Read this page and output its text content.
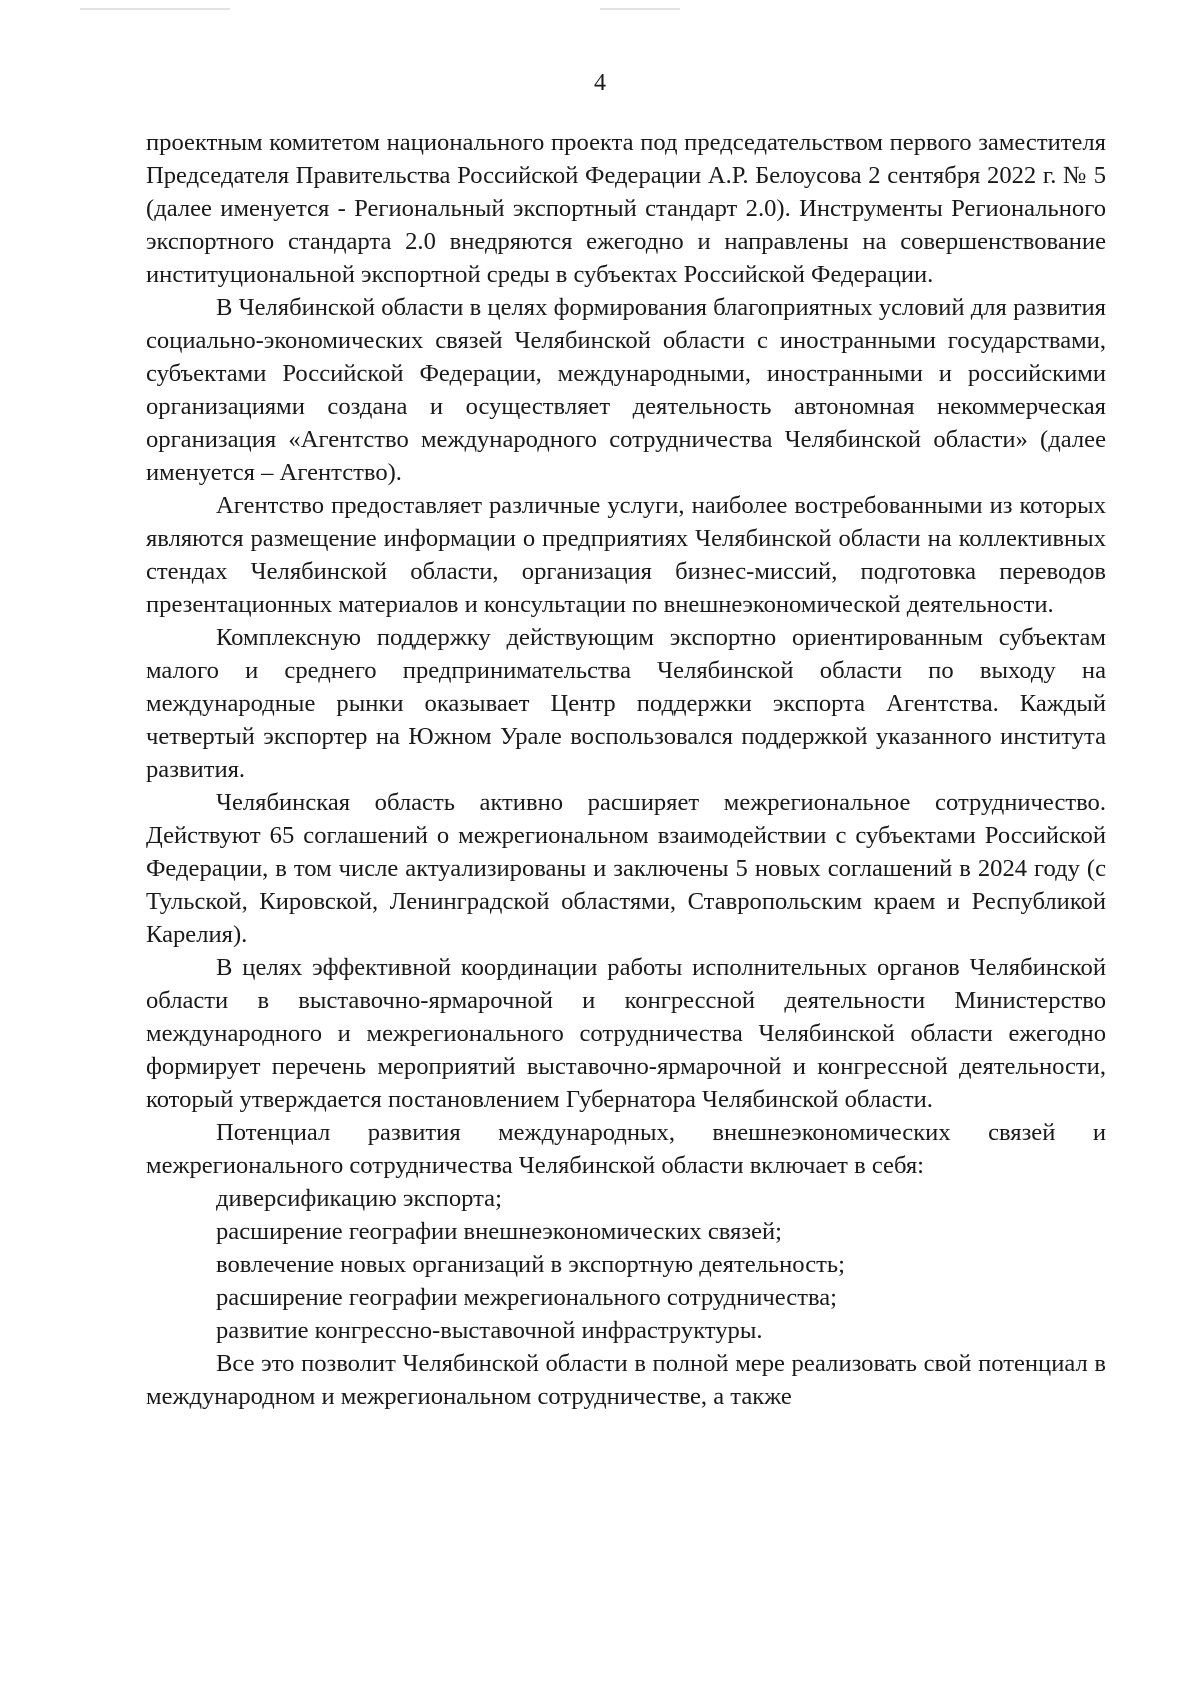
4

проектным комитетом национального проекта под председательством первого заместителя Председателя Правительства Российской Федерации А.Р. Белоусова 2 сентября 2022 г. № 5 (далее именуется - Региональный экспортный стандарт 2.0). Инструменты Регионального экспортного стандарта 2.0 внедряются ежегодно и направлены на совершенствование институциональной экспортной среды в субъектах Российской Федерации.

В Челябинской области в целях формирования благоприятных условий для развития социально-экономических связей Челябинской области с иностранными государствами, субъектами Российской Федерации, международными, иностранными и российскими организациями создана и осуществляет деятельность автономная некоммерческая организация «Агентство международного сотрудничества Челябинской области» (далее именуется – Агентство).

Агентство предоставляет различные услуги, наиболее востребованными из которых являются размещение информации о предприятиях Челябинской области на коллективных стендах Челябинской области, организация бизнес-миссий, подготовка переводов презентационных материалов и консультации по внешнеэкономической деятельности.

Комплексную поддержку действующим экспортно ориентированным субъектам малого и среднего предпринимательства Челябинской области по выходу на международные рынки оказывает Центр поддержки экспорта Агентства. Каждый четвертый экспортер на Южном Урале воспользовался поддержкой указанного института развития.

Челябинская область активно расширяет межрегиональное сотрудничество. Действуют 65 соглашений о межрегиональном взаимодействии с субъектами Российской Федерации, в том числе актуализированы и заключены 5 новых соглашений в 2024 году (с Тульской, Кировской, Ленинградской областями, Ставропольским краем и Республикой Карелия).

В целях эффективной координации работы исполнительных органов Челябинской области в выставочно-ярмарочной и конгрессной деятельности Министерство международного и межрегионального сотрудничества Челябинской области ежегодно формирует перечень мероприятий выставочно-ярмарочной и конгрессной деятельности, который утверждается постановлением Губернатора Челябинской области.

Потенциал развития международных, внешнеэкономических связей и межрегионального сотрудничества Челябинской области включает в себя:

диверсификацию экспорта;
расширение географии внешнеэкономических связей;
вовлечение новых организаций в экспортную деятельность;
расширение географии межрегионального сотрудничества;
развитие конгрессно-выставочной инфраструктуры.

Все это позволит Челябинской области в полной мере реализовать свой потенциал в международном и межрегиональном сотрудничестве, а также
